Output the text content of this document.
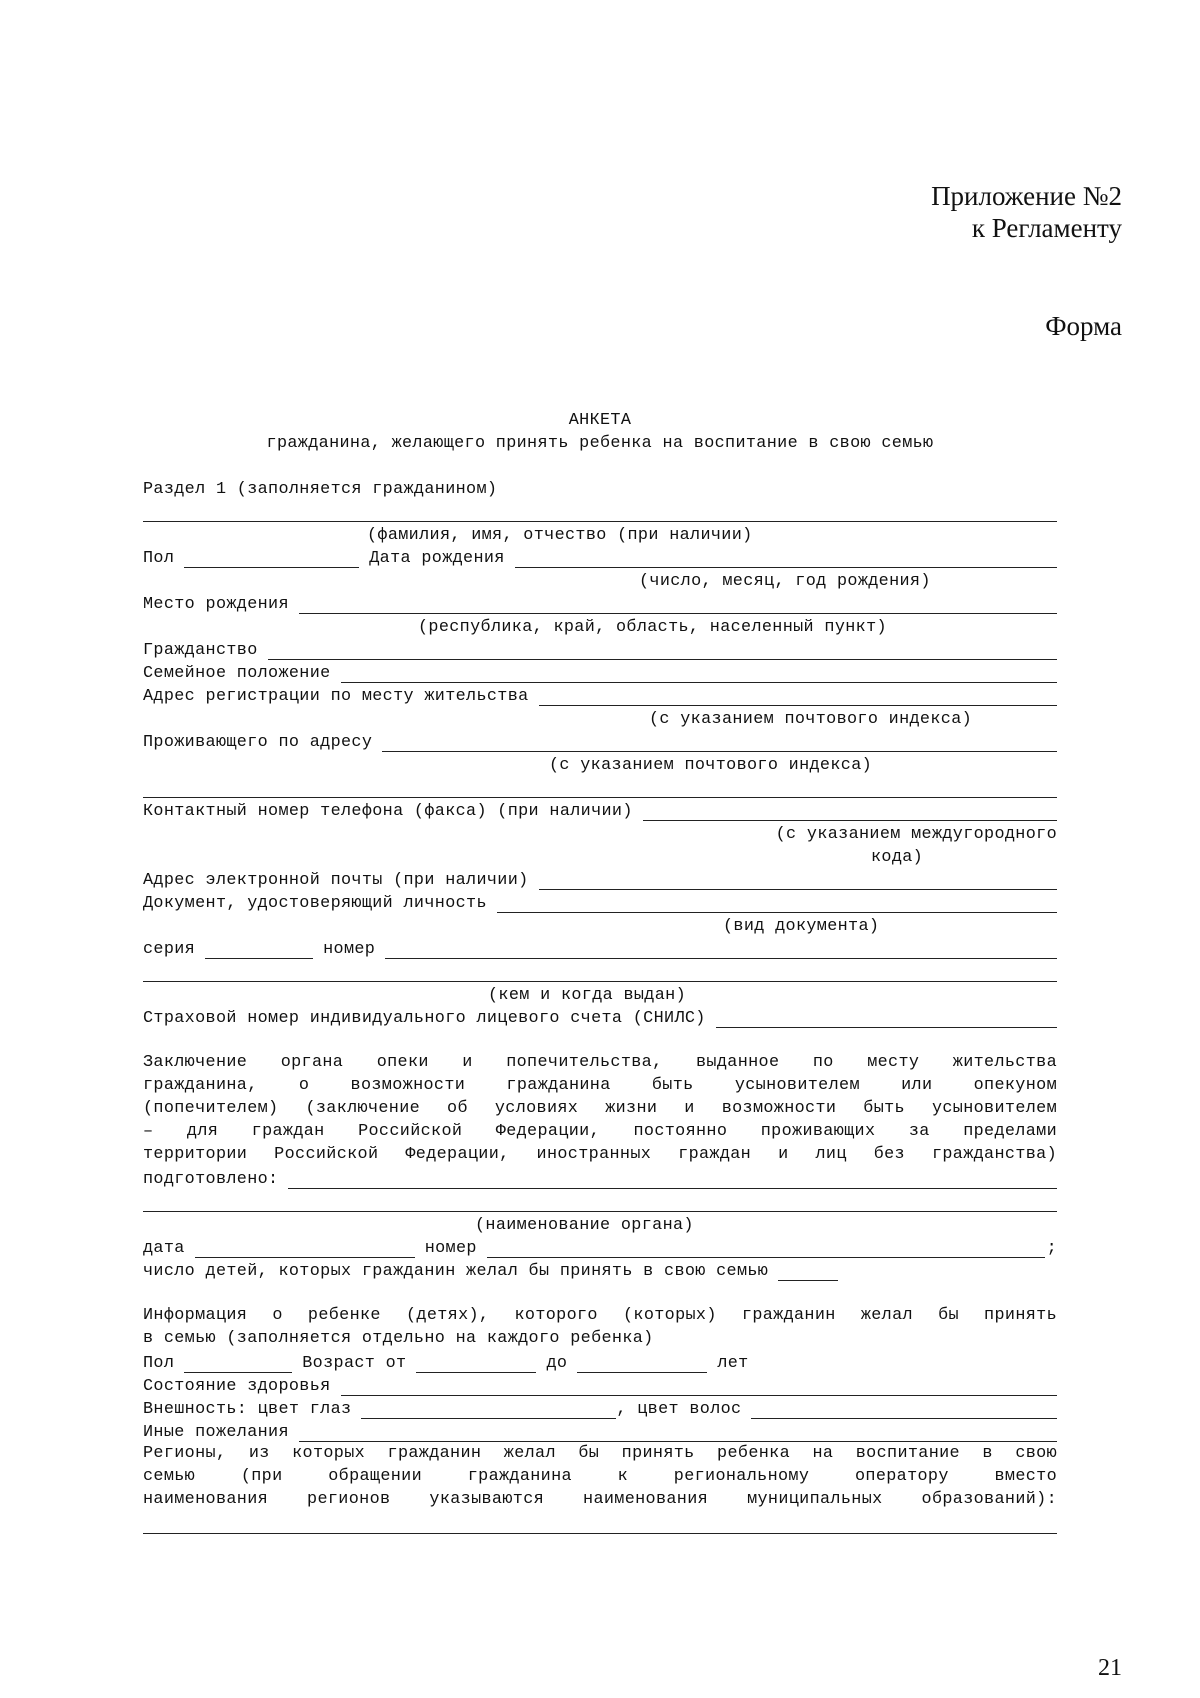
Приложение №2
к Регламенту
Форма
АНКЕТА
гражданина, желающего принять ребенка на воспитание в свою семью
Раздел 1 (заполняется гражданином)
(фамилия, имя, отчество (при наличии)
Пол	Дата рождения
(число, месяц, год рождения)
Место рождения
(республика, край, область, населенный пункт)
Гражданство
Семейное положение
Адрес регистрации по месту жительства
(с указанием почтового индекса)
Проживающего по адресу
(с указанием почтового индекса)
Контактный номер телефона (факса) (при наличии)
(с указанием междугородного
кода)
Адрес электронной почты (при наличии)
Документ, удостоверяющий личность
(вид документа)
серия	номер
(кем и когда выдан)
Страховой номер индивидуального лицевого счета (СНИЛС)
Заключение органа опеки и попечительства, выданное по месту жительства
гражданина, о возможности гражданина быть усыновителем или опекуном
(попечителем) (заключение об условиях жизни и возможности быть усыновителем
– для граждан Российской Федерации, постоянно проживающих за пределами
территории Российской Федерации, иностранных граждан и лиц без гражданства)
подготовлено:
(наименование органа)
дата	номер	;
число детей, которых гражданин желал бы принять в свою семью
Информация о ребенке (детях), которого (которых) гражданин желал бы принять
в семью (заполняется отдельно на каждого ребенка)
Пол	Возраст от	до	лет
Состояние здоровья
Внешность: цвет глаз	, цвет волос
Иные пожелания
Регионы, из которых гражданин желал бы принять ребенка на воспитание в свою
семью (при обращении гражданина к региональному оператору вместо
наименования регионов указываются наименования муниципальных образований):
21
